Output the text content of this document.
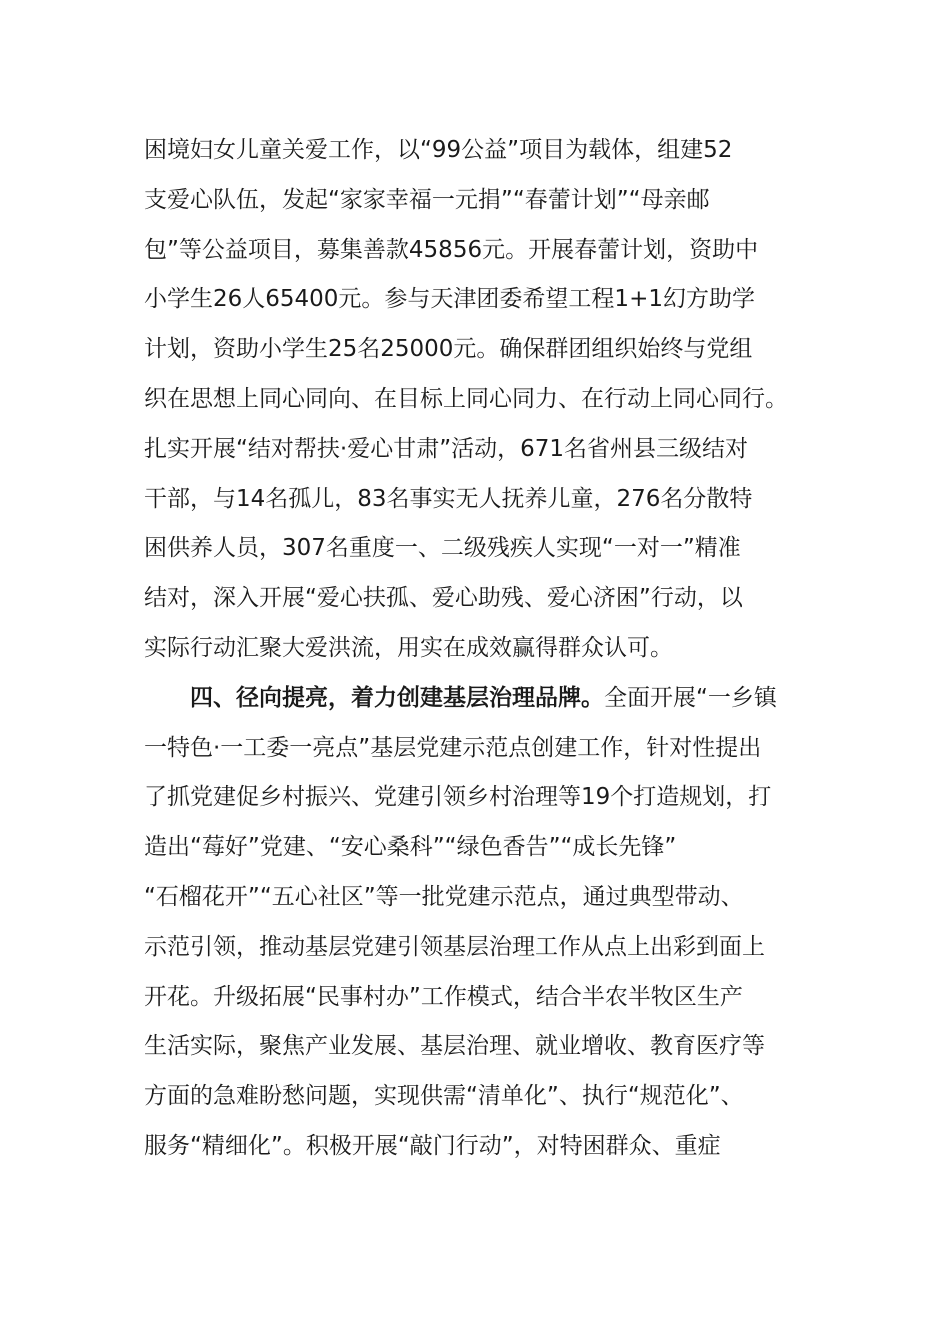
困境妇女儿童关爱工作，以“99公益”项目为载体，组建52

支爱心队伍，发起“家家幸福一元捐”“春蕾计划”“母亲邮

包”等公益项目，募集善款45856元。开展春蕾计划，资助中

小学生26人65400元。参与天津团委希望工程1+1幻方助学

计划，资助小学生25名25000元。确保群团组织始终与党组

织在思想上同心同向、在目标上同心同力、在行动上同心同行。

扎实开展“结对帮扶·爱心甘肃”活动，671名省州县三级结对

干部，与14名孤儿，83名事实无人抚养儿童，276名分散特

困供养人员，307名重度一、二级残疾人实现“一对一”精准

结对，深入开展“爱心扶孤、爱心助残、爱心济困”行动，以

实际行动汇聚大爱洪流，用实在成效赢得群众认可。

四、径向提亮，着力创建基层治理品牌。全面开展“一乡镇

一特色·一工委一亮点”基层党建示范点创建工作，针对性提出

了抓党建促乡村振兴、党建引领乡村治理等19个打造规划，打

造出“莓好”党建、“安心桑科”“绿色香告”“成长先锋”

“石榴花开”“五心社区”等一批党建示范点，通过典型带动、

示范引领，推动基层党建引领基层治理工作从点上出彩到面上

开花。升级拓展“民事村办”工作模式，结合半农半牧区生产

生活实际，聚焦产业发展、基层治理、就业增收、教育医疗等

方面的急难盼愁问题，实现供需“清单化”、执行“规范化”、

服务“精细化”。积极开展“敲门行动”，对特困群众、重症
